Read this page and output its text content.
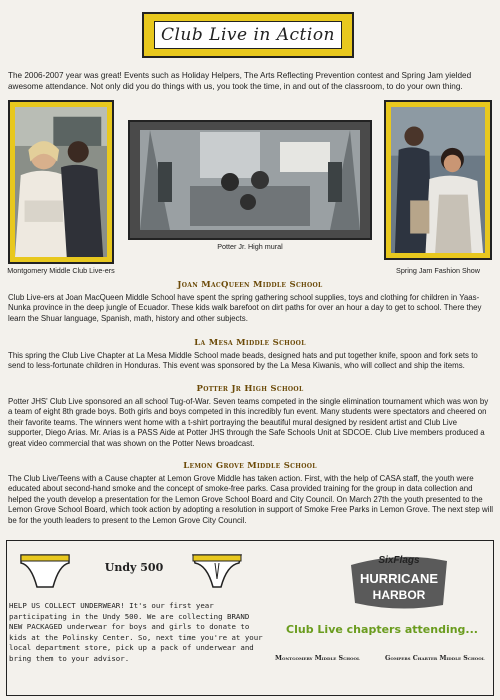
Club Live in Action
The 2006-2007 year was great! Events such as Holiday Helpers, The Arts Reflecting Prevention contest and Spring Jam yielded awesome attendance. Not only did you do things with us, you took the time, in and out of the classroom, to do your own thing.
Montgomery Middle Club Live-ers
Potter Jr. High mural
Spring Jam Fashion Show
Joan MacQueen Middle School
Club Live-ers at Joan MacQueen Middle School have spent the spring gathering school supplies, toys and clothing for children in Yaas-Nunka province in the deep jungle of Ecuador. These kids walk barefoot on dirt paths for over an hour a day to get to school. There they learn the Shuar language, Spanish, math, history and other subjects.
La Mesa Middle School
This spring the Club Live Chapter at La Mesa Middle School made beads, designed hats and put together knife, spoon and fork sets to send to less-fortunate children in Honduras. This event was sponsored by the La Mesa Kiwanis, who will collect and ship the items.
Potter Jr High School
Potter JHS' Club Live sponsored an all school Tug-of-War. Seven teams competed in the single elimination tournament which was won by a team of eight 8th grade boys. Both girls and boys competed in this incredibly fun event. Many students were spectators and cheered on their favorite teams. The winners went home with a t-shirt portraying the beautiful mural designed by resident artist and Club Live supporter, Diego Arias. Mr. Arias is a PASS Aide at Potter JHS through the Safe Schools Unit at SDCOE. Club Live members produced a great video commercial that was shown on the Potter News broadcast.
Lemon Grove Middle School
The Club Live/Teens with a Cause chapter at Lemon Grove Middle has taken action. First, with the help of CASA staff, the youth were educated about second-hand smoke and the concept of smoke-free parks. Casa provided training for the group in data collection and helped the youth develop a presentation for the Lemon Grove School Board and City Council. On March 27th the youth presented to the Lemon Grove School Board, which took action by adopting a resolution in support of Smoke Free Parks in Lemon Grove. The next step will be for the youth leaders to present to the Lemon Grove City Council.
Undy 500
HELP US COLLECT UNDERWEAR! It's our first year participating in the Undy 500. We are collecting BRAND NEW PACKAGED underwear for boys and girls to donate to kids at the Polinsky Center. So, next time you're at your local department store, pick up a pack of underwear and bring them to your advisor.
SixFlags
HURRICANE
HARBOR
Club Live chapters attending...
Montgomery Middle School	Gompers Charter Middle School
